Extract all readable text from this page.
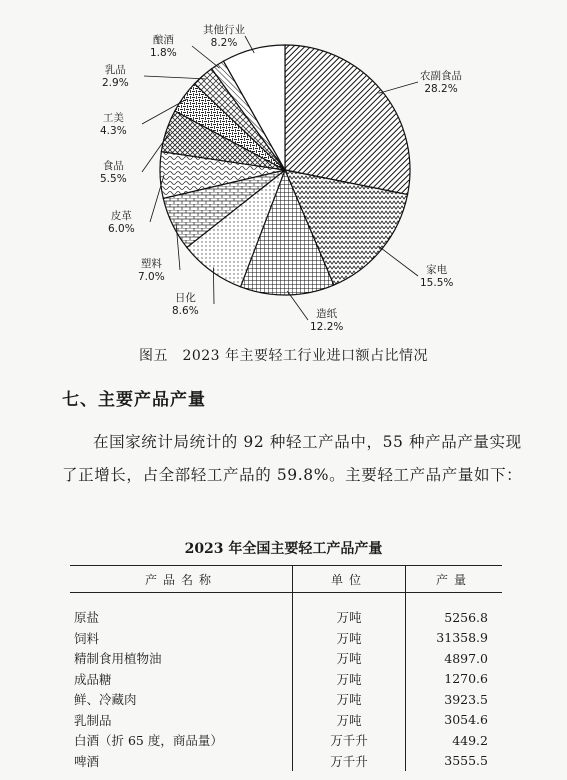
农副食品
28.2%
家电
15.5%
造纸
12.2%
日化
8.6%
塑料
7.0%
皮革
6.0%
食品
5.5%
工美
4.3%
乳品
2.9%
酿酒
1.8%
其他行业
8.2%
图五　2023 年主要轻工行业进口额占比情况
七、主要产品产量
在国家统计局统计的 92 种轻工产品中，55 种产品产量实现了正增长，占全部轻工产品的 59.8%。主要轻工产品产量如下：
2023 年全国主要轻工产品产量
产品名称	单位	产量

原盐	万吨	5256.8
饲料	万吨	31358.9
精制食用植物油	万吨	4897.0
成品糖	万吨	1270.6
鲜、冷藏肉	万吨	3923.5
乳制品	万吨	3054.6
白酒（折 65 度，商品量）	万千升	449.2
啤酒	万千升	3555.5
